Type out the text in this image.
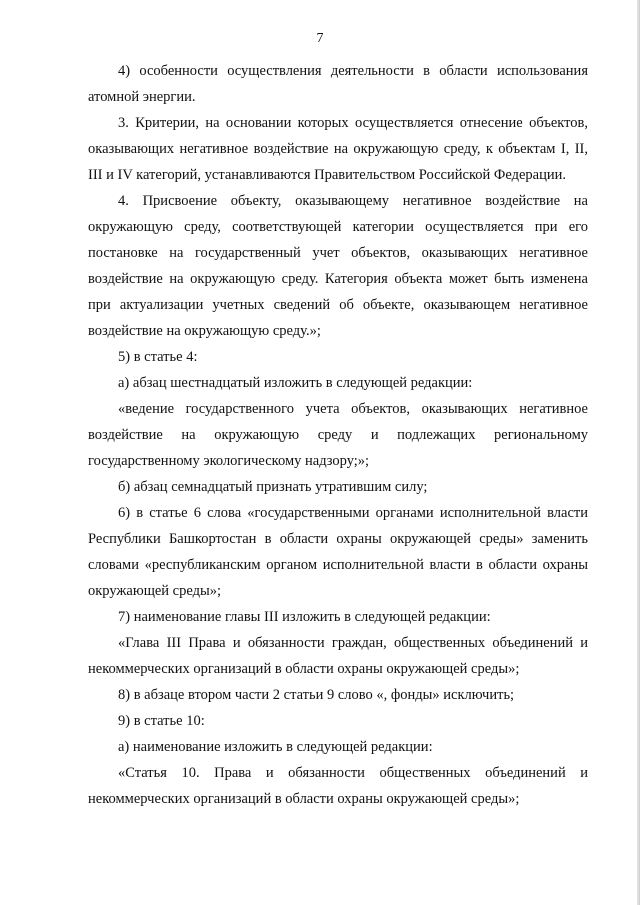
7

4) особенности осуществления деятельности в области использования атомной энергии.

3. Критерии, на основании которых осуществляется отнесение объектов, оказывающих негативное воздействие на окружающую среду, к объектам I, II, III и IV категорий, устанавливаются Правительством Российской Федерации.

4. Присвоение объекту, оказывающему негативное воздействие на окружающую среду, соответствующей категории осуществляется при его постановке на государственный учет объектов, оказывающих негативное воздействие на окружающую среду. Категория объекта может быть изменена при актуализации учетных сведений об объекте, оказывающем негативное воздействие на окружающую среду.»;

5) в статье 4:

а) абзац шестнадцатый изложить в следующей редакции:

«ведение государственного учета объектов, оказывающих негативное воздействие на окружающую среду и подлежащих региональному государственному экологическому надзору;»;

б) абзац семнадцатый признать утратившим силу;

6) в статье 6 слова «государственными органами исполнительной власти Республики Башкортостан в области охраны окружающей среды» заменить словами «республиканским органом исполнительной власти в области охраны окружающей среды»;

7) наименование главы III изложить в следующей редакции:

«Глава III Права и обязанности граждан, общественных объединений и некоммерческих организаций в области охраны окружающей среды»;

8) в абзаце втором части 2 статьи 9 слово «, фонды» исключить;

9) в статье 10:

а) наименование изложить в следующей редакции:

«Статья 10. Права и обязанности общественных объединений и некоммерческих организаций в области охраны окружающей среды»;
